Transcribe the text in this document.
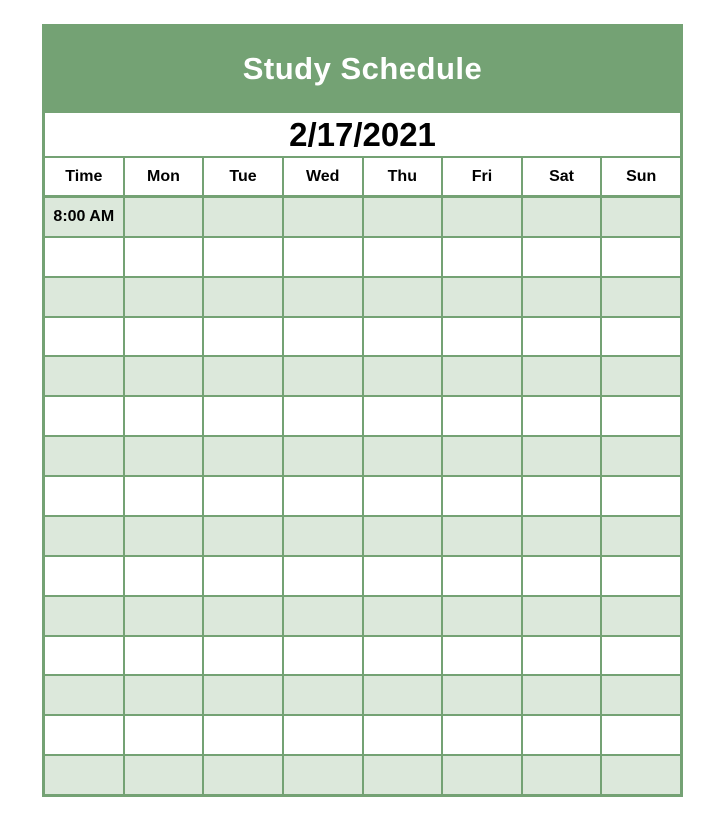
Study Schedule
2/17/2021
Time	Mon	Tue	Wed	Thu	Fri	Sat	Sun
8:00 AM
